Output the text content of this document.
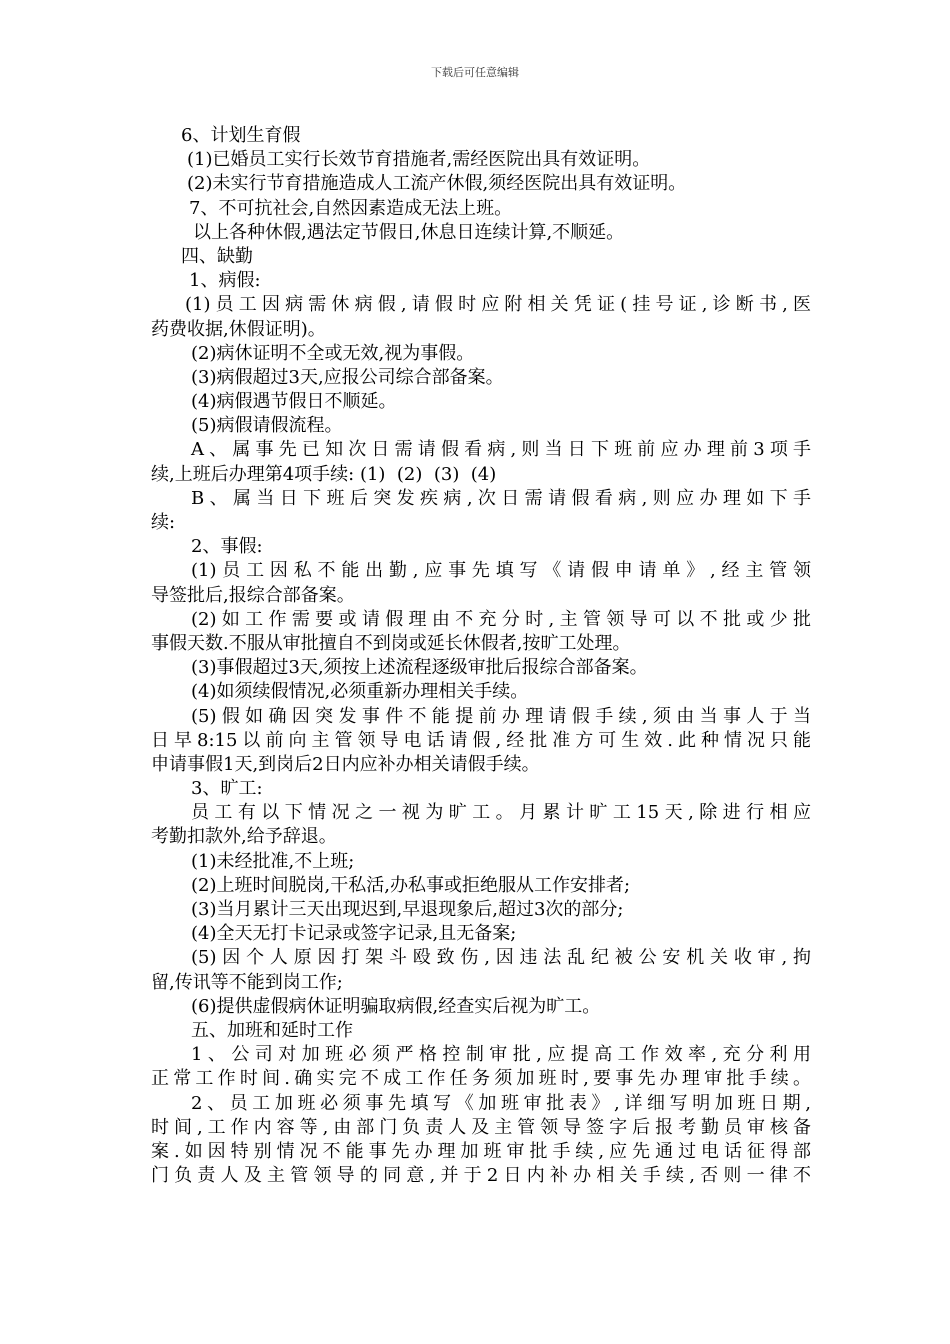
下载后可任意编辑
6、计划生育假
(1)已婚员工实行长效节育措施者,需经医院出具有效证明。
(2)未实行节育措施造成人工流产休假,须经医院出具有效证明。
7、不可抗社会,自然因素造成无法上班。
以上各种休假,遇法定节假日,休息日连续计算,不顺延。
四、缺勤
1、病假:
(1)员工因病需休病假,请假时应附相关凭证(挂号证,诊断书,医
药费收据,休假证明)。
(2)病休证明不全或无效,视为事假。
(3)病假超过3天,应报公司综合部备案。
(4)病假遇节假日不顺延。
(5)病假请假流程。
A、属事先已知次日需请假看病,则当日下班前应办理前3项手
续,上班后办理第4项手续: (1)  (2)  (3)  (4)
B、属当日下班后突发疾病,次日需请假看病,则应办理如下手
续:
2、事假:
(1)员工因私不能出勤,应事先填写《请假申请单》,经主管领
导签批后,报综合部备案。
(2)如工作需要或请假理由不充分时,主管领导可以不批或少批
事假天数.不服从审批擅自不到岗或延长休假者,按旷工处理。
(3)事假超过3天,须按上述流程逐级审批后报综合部备案。
(4)如须续假情况,必须重新办理相关手续。
(5)假如确因突发事件不能提前办理请假手续,须由当事人于当
日早8:15以前向主管领导电话请假,经批准方可生效.此种情况只能
申请事假1天,到岗后2日内应补办相关请假手续。
3、旷工:
员工有以下情况之一视为旷工。月累计旷工15天,除进行相应
考勤扣款外,给予辞退。
(1)未经批准,不上班;
(2)上班时间脱岗,干私活,办私事或拒绝服从工作安排者;
(3)当月累计三天出现迟到,早退现象后,超过3次的部分;
(4)全天无打卡记录或签字记录,且无备案;
(5)因个人原因打架斗殴致伤,因违法乱纪被公安机关收审,拘
留,传讯等不能到岗工作;
(6)提供虚假病休证明骗取病假,经查实后视为旷工。
五、加班和延时工作
1、公司对加班必须严格控制审批,应提高工作效率,充分利用
正常工作时间.确实完不成工作任务须加班时,要事先办理审批手续。
2、员工加班必须事先填写《加班审批表》,详细写明加班日期,
时间,工作内容等,由部门负责人及主管领导签字后报考勤员审核备
案.如因特别情况不能事先办理加班审批手续,应先通过电话征得部
门负责人及主管领导的同意,并于2日内补办相关手续,否则一律不
